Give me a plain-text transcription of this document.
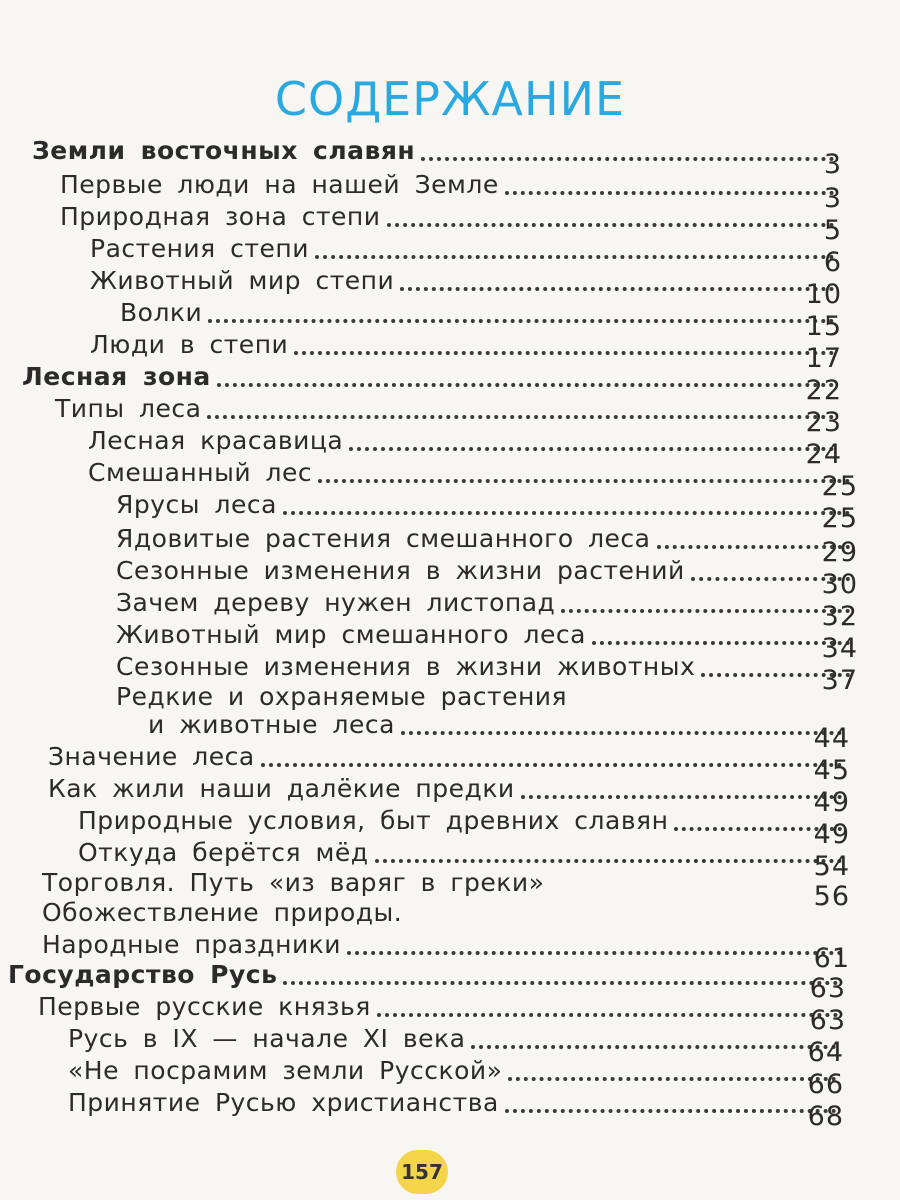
СОДЕРЖАНИЕ
Земли восточных славян	3
Первые люди на нашей Земле	3
Природная зона степи	5
Растения степи	6
Животный мир степи	10
Волки	15
Люди в степи	17
Лесная зона	22
Типы леса	23
Лесная красавица	24
Смешанный лес	25
Ярусы леса	25
Ядовитые растения смешанного леса	29
Сезонные изменения в жизни растений	30
Зачем дереву нужен листопад	32
Животный мир смешанного леса	34
Сезонные изменения в жизни животных	37
Редкие и охраняемые растения
и животные леса	44
Значение леса	45
Как жили наши далёкие предки	49
Природные условия, быт древних славян	49
Откуда берётся мёд	54
Торговля. Путь «из варяг в греки»	56
Обожествление природы.
Народные праздники	61
Государство Русь	63
Первые русские князья	63
Русь в IX — начале XI века	64
«Не посрамим земли Русской»	66
Принятие Русью христианства	68
157
